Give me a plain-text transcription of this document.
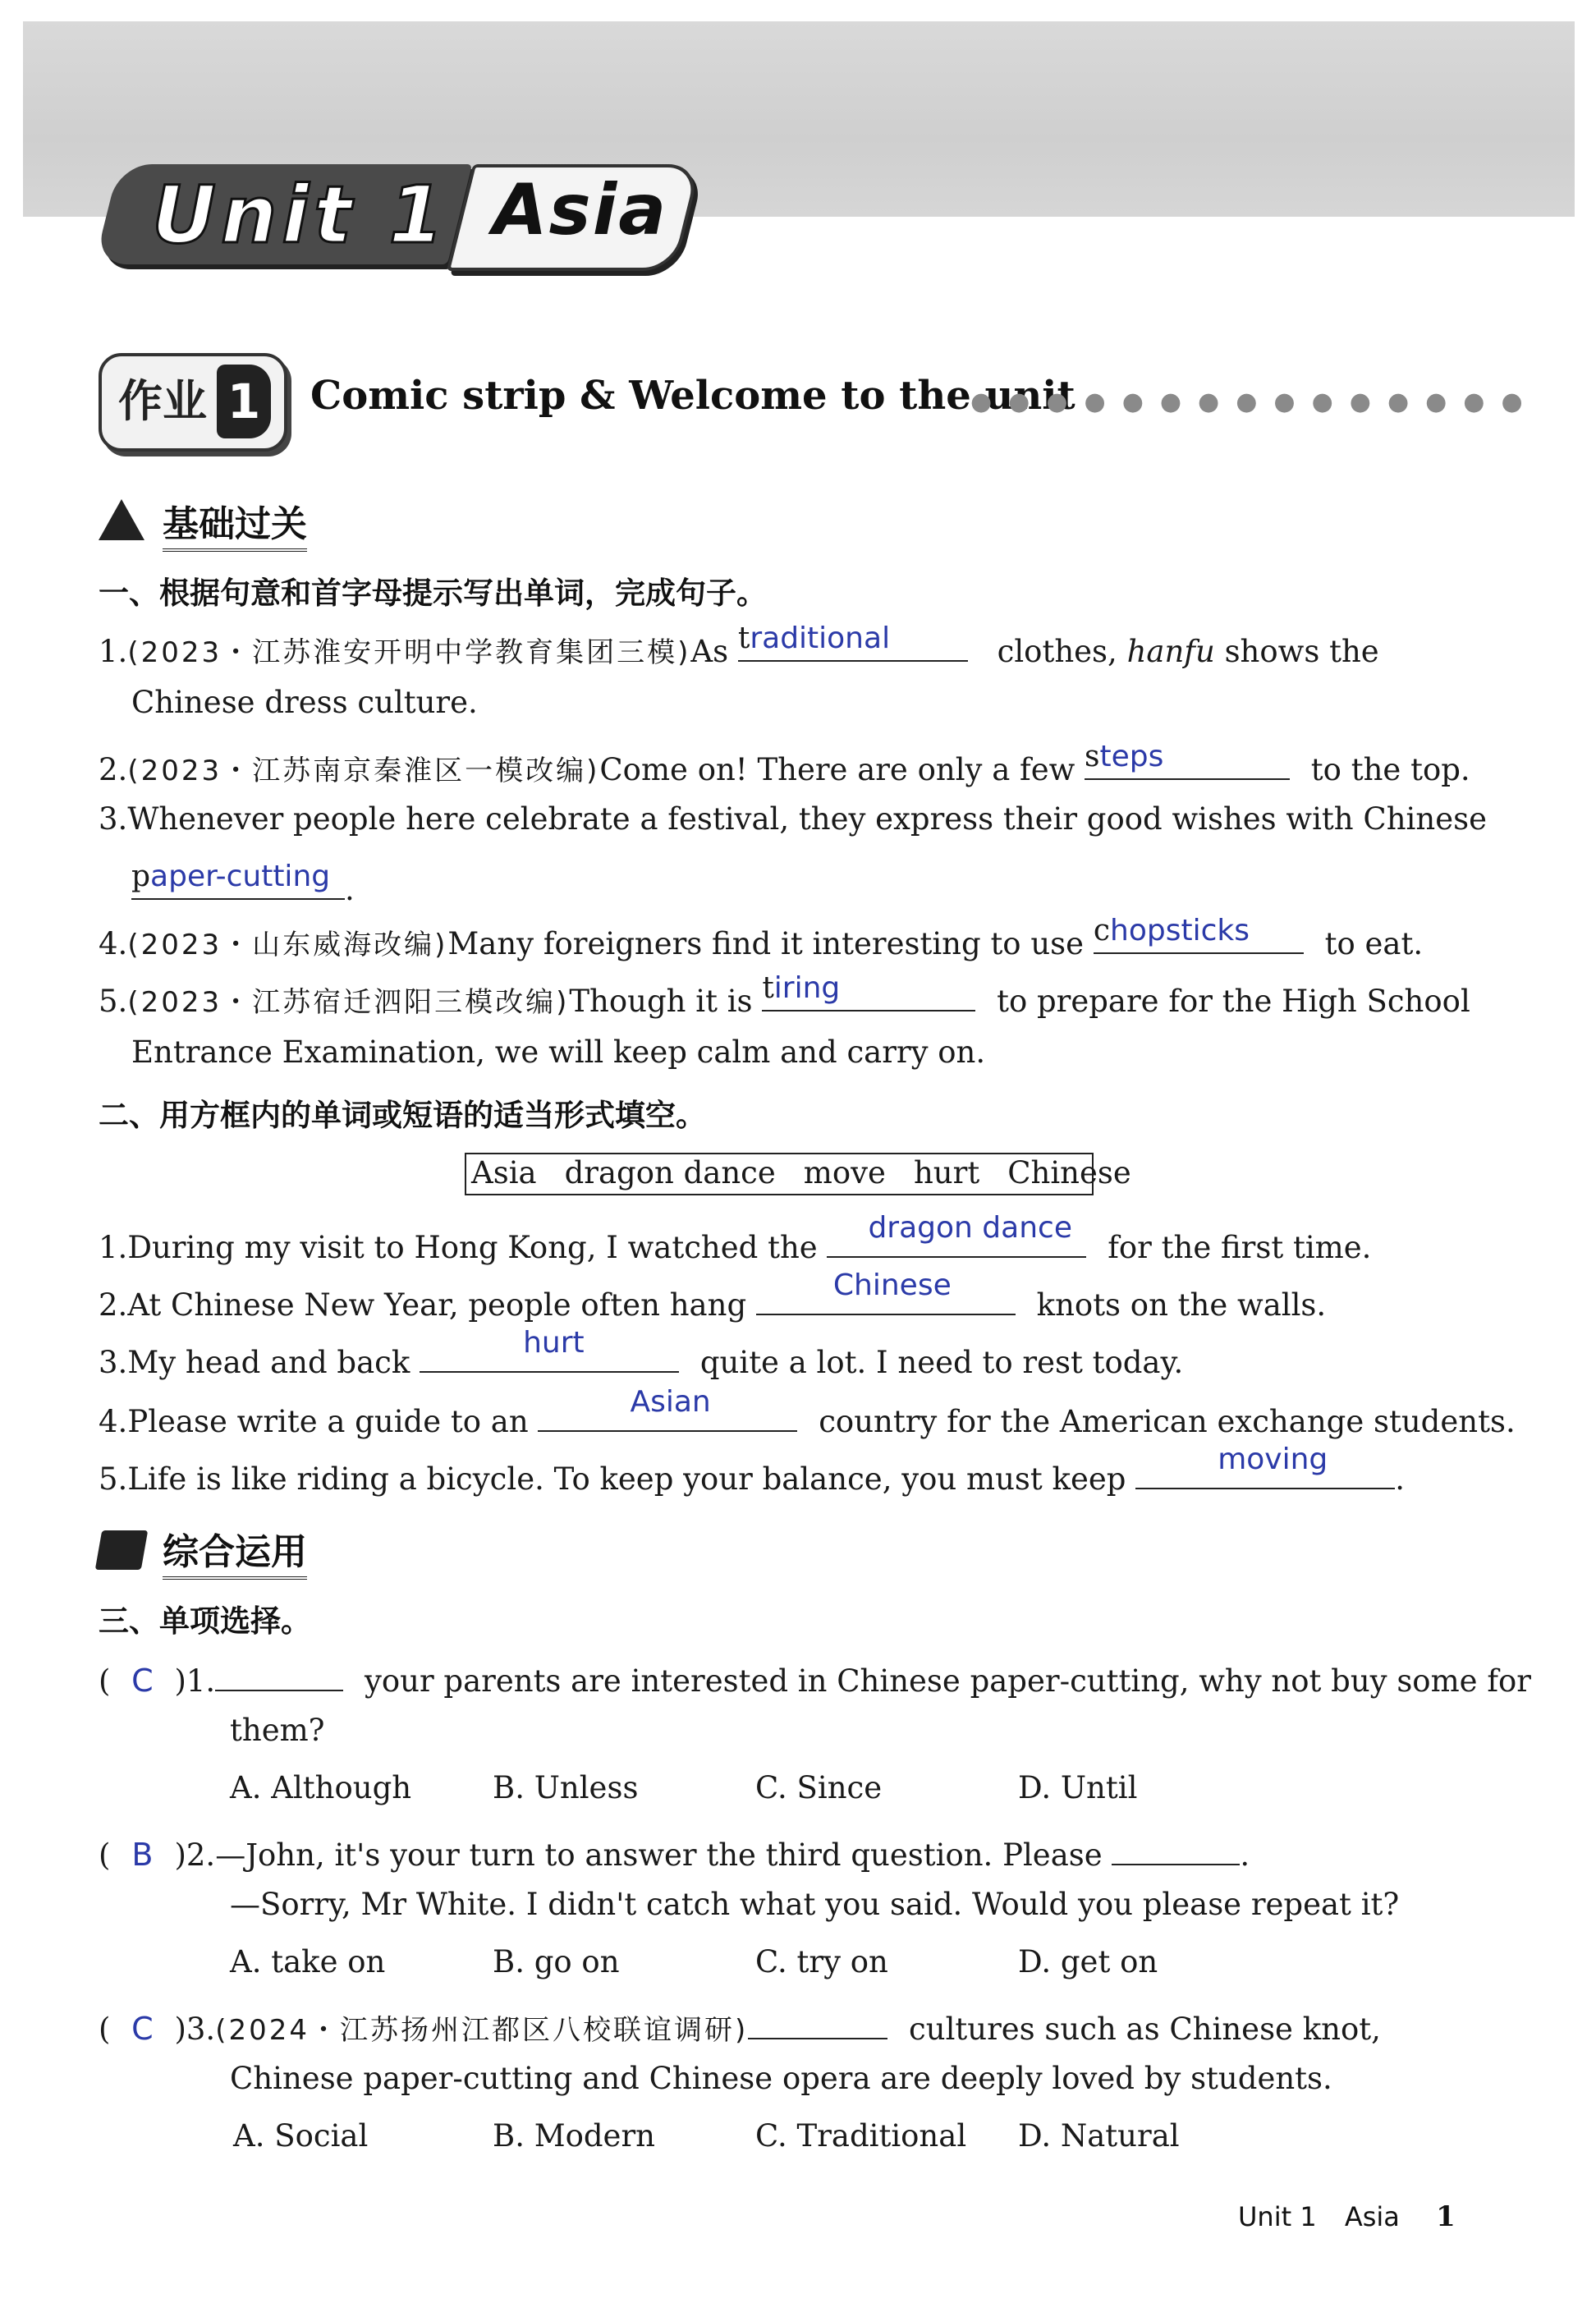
Unit 1 Asia
作业 1 Comic strip & Welcome to the unit
●●●●●●●●●●●●●●●
基础过关
一、根据句意和首字母提示写出单词，完成句子。
1.(2023・江苏淮安开明中学教育集团三模)As traditional	clothes, hanfu shows the
Chinese dress culture.
2.(2023・江苏南京秦淮区一模改编)Come on! There are only a few steps	to the top.
3.Whenever people here celebrate a festival, they express their good wishes with Chinese
paper-cutting .
4.(2023・山东威海改编)Many foreigners find it interesting to use chopsticks to eat.
5.(2023・江苏宿迁泗阳三模改编)Though it is tiring	to prepare for the High School
Entrance Examination, we will keep calm and carry on.
二、用方框内的单词或短语的适当形式填空。
Asia dragon dance move hurt Chinese
1.During my visit to Hong Kong, I watched the
dragon dance
for the first time.
2.At Chinese New Year, people often hang
Chinese
knots on the walls.
3.My head and back
hurt
quite a lot. I need to rest today.
4.Please write a guide to an
Asian
country for the American exchange students.
5.Life is like riding a bicycle. To keep your balance, you must keep
moving
.
综合运用
三、单项选择。
( C )1.	your parents are interested in Chinese paper-cutting, why not buy some for
them?
A. Although	B. Unless	C. Since	D. Until
( B )2.—John, it's your turn to answer the third question. Please	.
—Sorry, Mr White. I didn't catch what you said. Would you please repeat it?
A. take on	B. go on	C. try on	D. get on
( C )3.(2024・江苏扬州江都区八校联谊调研)	cultures such as Chinese knot,
Chinese paper-cutting and Chinese opera are deeply loved by students.
A. Social	B. Modern	C. Traditional D. Natural
Unit 1 Asia 1
